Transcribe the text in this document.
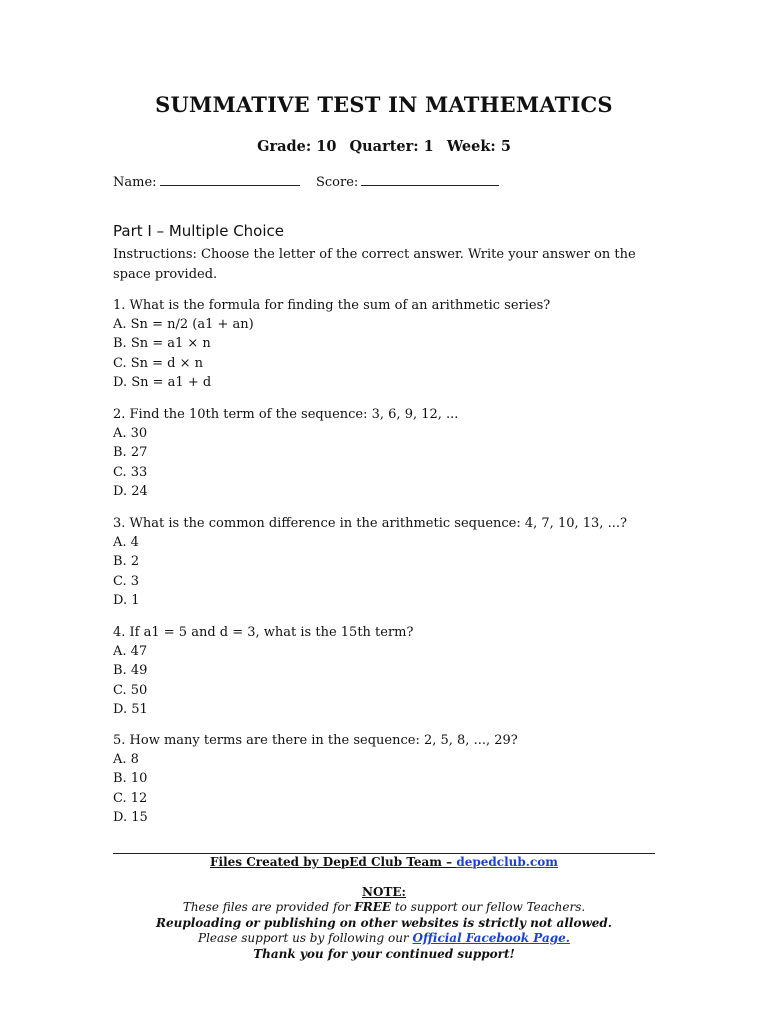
SUMMATIVE TEST IN MATHEMATICS
Grade: 10 Quarter: 1 Week: 5
Name:	Score:
Part I – Multiple Choice
Instructions: Choose the letter of the correct answer. Write your answer on the space provided.
1. What is the formula for finding the sum of an arithmetic series?
A. Sn = n/2 (a1 + an)
B. Sn = a1 × n
C. Sn = d × n
D. Sn = a1 + d
2. Find the 10th term of the sequence: 3, 6, 9, 12, ...
A. 30
B. 27
C. 33
D. 24
3. What is the common difference in the arithmetic sequence: 4, 7, 10, 13, ...?
A. 4
B. 2
C. 3
D. 1
4. If a1 = 5 and d = 3, what is the 15th term?
A. 47
B. 49
C. 50
D. 51
5. How many terms are there in the sequence: 2, 5, 8, ..., 29?
A. 8
B. 10
C. 12
D. 15
Files Created by DepEd Club Team – depedclub.com
NOTE:
These files are provided for FREE to support our fellow Teachers.
Reuploading or publishing on other websites is strictly not allowed.
Please support us by following our Official Facebook Page.
Thank you for your continued support!
